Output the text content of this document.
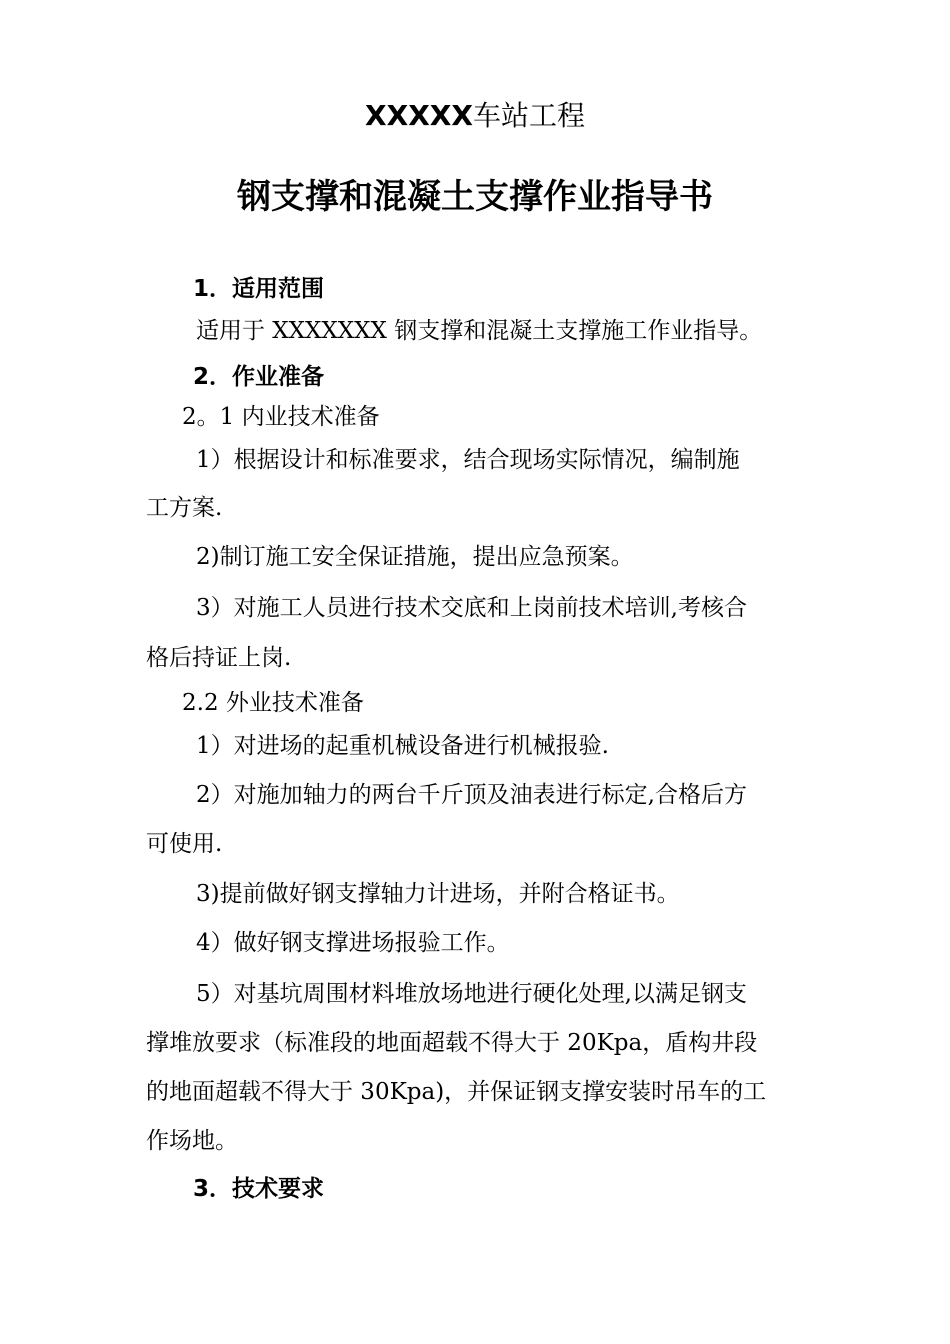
XXXXX车站工程
钢支撑和混凝土支撑作业指导书
1．适用范围
适用于 XXXXXXX 钢支撑和混凝土支撑施工作业指导。
2．作业准备
2。1 内业技术准备
1）根据设计和标准要求，结合现场实际情况，编制施
工方案.
2)制订施工安全保证措施，提出应急预案。
3）对施工人员进行技术交底和上岗前技术培训,考核合
格后持证上岗.
2.2 外业技术准备
1）对进场的起重机械设备进行机械报验.
2）对施加轴力的两台千斤顶及油表进行标定,合格后方
可使用.
3)提前做好钢支撑轴力计进场，并附合格证书。
4）做好钢支撑进场报验工作。
5）对基坑周围材料堆放场地进行硬化处理,以满足钢支
撑堆放要求（标准段的地面超载不得大于 20Kpa，盾构井段
的地面超载不得大于 30Kpa)，并保证钢支撑安装时吊车的工
作场地。
3．技术要求
